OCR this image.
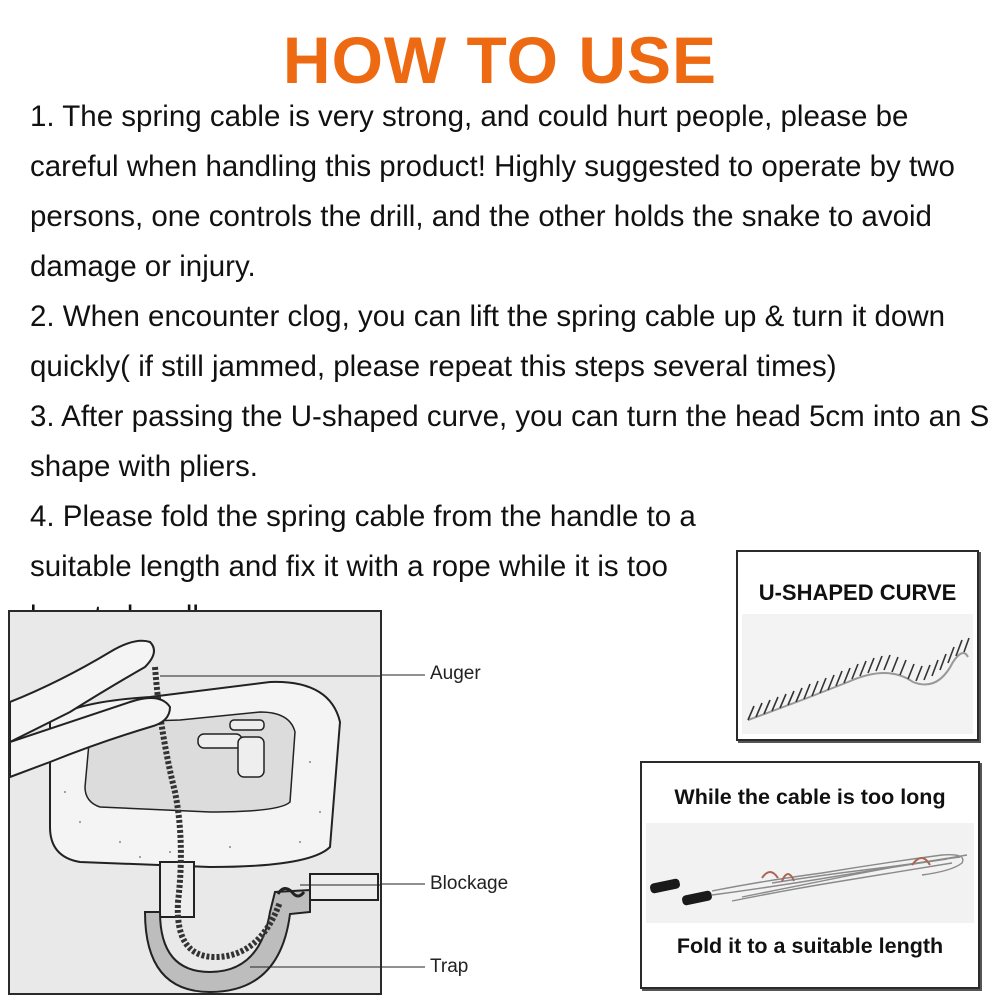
HOW TO USE

1. The spring cable is very strong, and could hurt people, please be careful when handling this product! Highly suggested to operate by two persons, one controls the drill, and the other holds the snake to avoid damage or injury.

2. When encounter clog, you can lift the spring cable up & turn it down quickly( if still jammed, please repeat this steps several times)

3. After passing the U-shaped curve, you can turn the head 5cm into an S shape with pliers.

4. Please fold the spring cable from the handle to a suitable length and fix it with a rope while it is too

Auger
Blockage
Trap
U-SHAPED CURVE
While the cable is too long
Fold it to a suitable length
